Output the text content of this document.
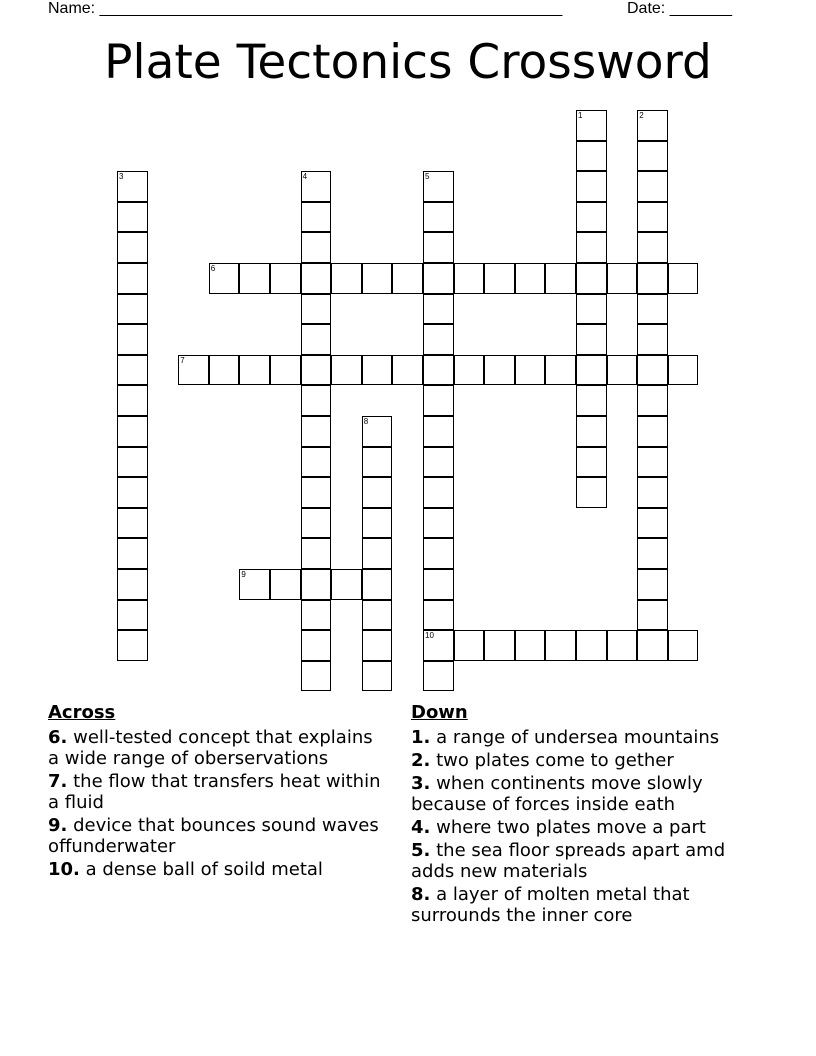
Name: ____________________________________________________	Date: _______
Plate Tectonics Crossword
6
7
9
10
1	2
3	4	5
8
Across
6. well-tested concept that explains a wide range of oberservations
7. the flow that transfers heat within a fluid
9. device that bounces sound waves offunderwater
10. a dense ball of soild metal
Down
1. a range of undersea mountains
2. two plates come to gether
3. when continents move slowly because of forces inside eath
4. where two plates move a part
5. the sea floor spreads apart amd adds new materials
8. a layer of molten metal that surrounds the inner core
